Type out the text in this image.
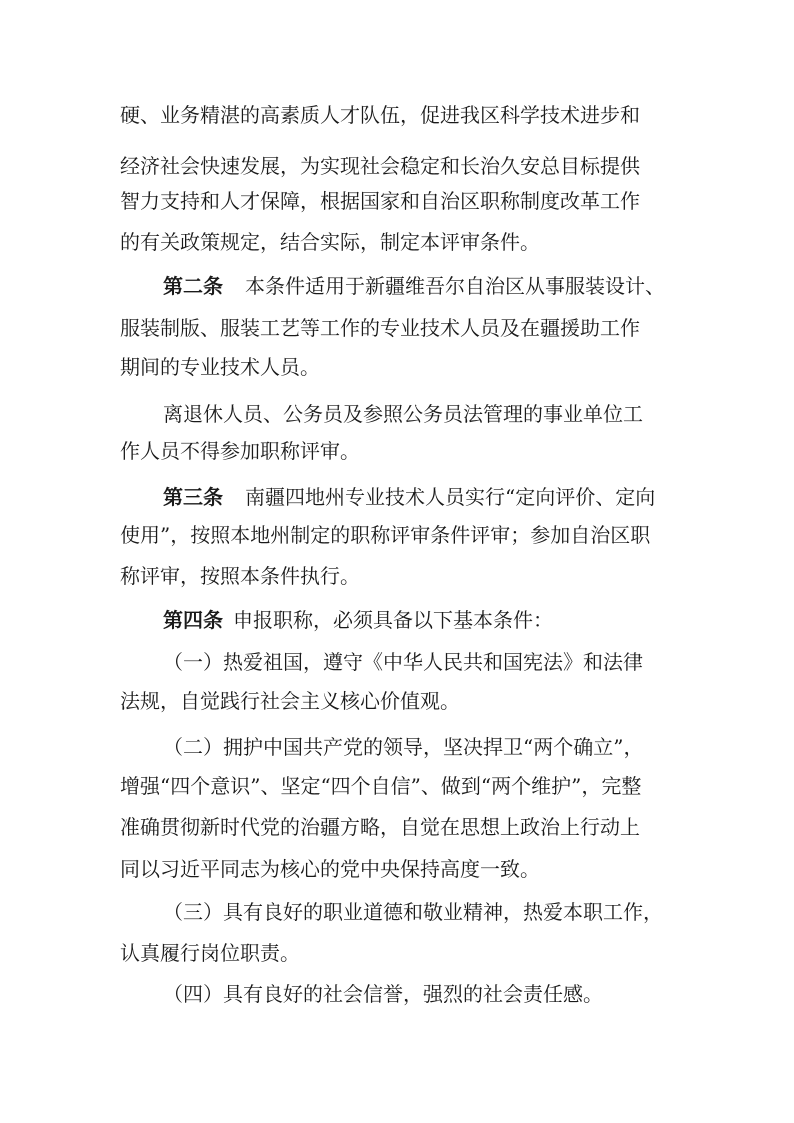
硬、业务精湛的高素质人才队伍，促进我区科学技术进步和
经济社会快速发展，为实现社会稳定和长治久安总目标提供
智力支持和人才保障，根据国家和自治区职称制度改革工作
的有关政策规定，结合实际，制定本评审条件。
第二条 本条件适用于新疆维吾尔自治区从事服装设计、
服装制版、服装工艺等工作的专业技术人员及在疆援助工作
期间的专业技术人员。
离退休人员、公务员及参照公务员法管理的事业单位工
作人员不得参加职称评审。
第三条 南疆四地州专业技术人员实行“定向评价、定向
使用”，按照本地州制定的职称评审条件评审；参加自治区职
称评审，按照本条件执行。
第四条 申报职称，必须具备以下基本条件：
（一）热爱祖国，遵守《中华人民共和国宪法》和法律
法规，自觉践行社会主义核心价值观。
（二）拥护中国共产党的领导，坚决捍卫“两个确立”，
增强“四个意识”、坚定“四个自信”、做到“两个维护”，完整
准确贯彻新时代党的治疆方略，自觉在思想上政治上行动上
同以习近平同志为核心的党中央保持高度一致。
（三）具有良好的职业道德和敬业精神，热爱本职工作，
认真履行岗位职责。
（四）具有良好的社会信誉，强烈的社会责任感。
